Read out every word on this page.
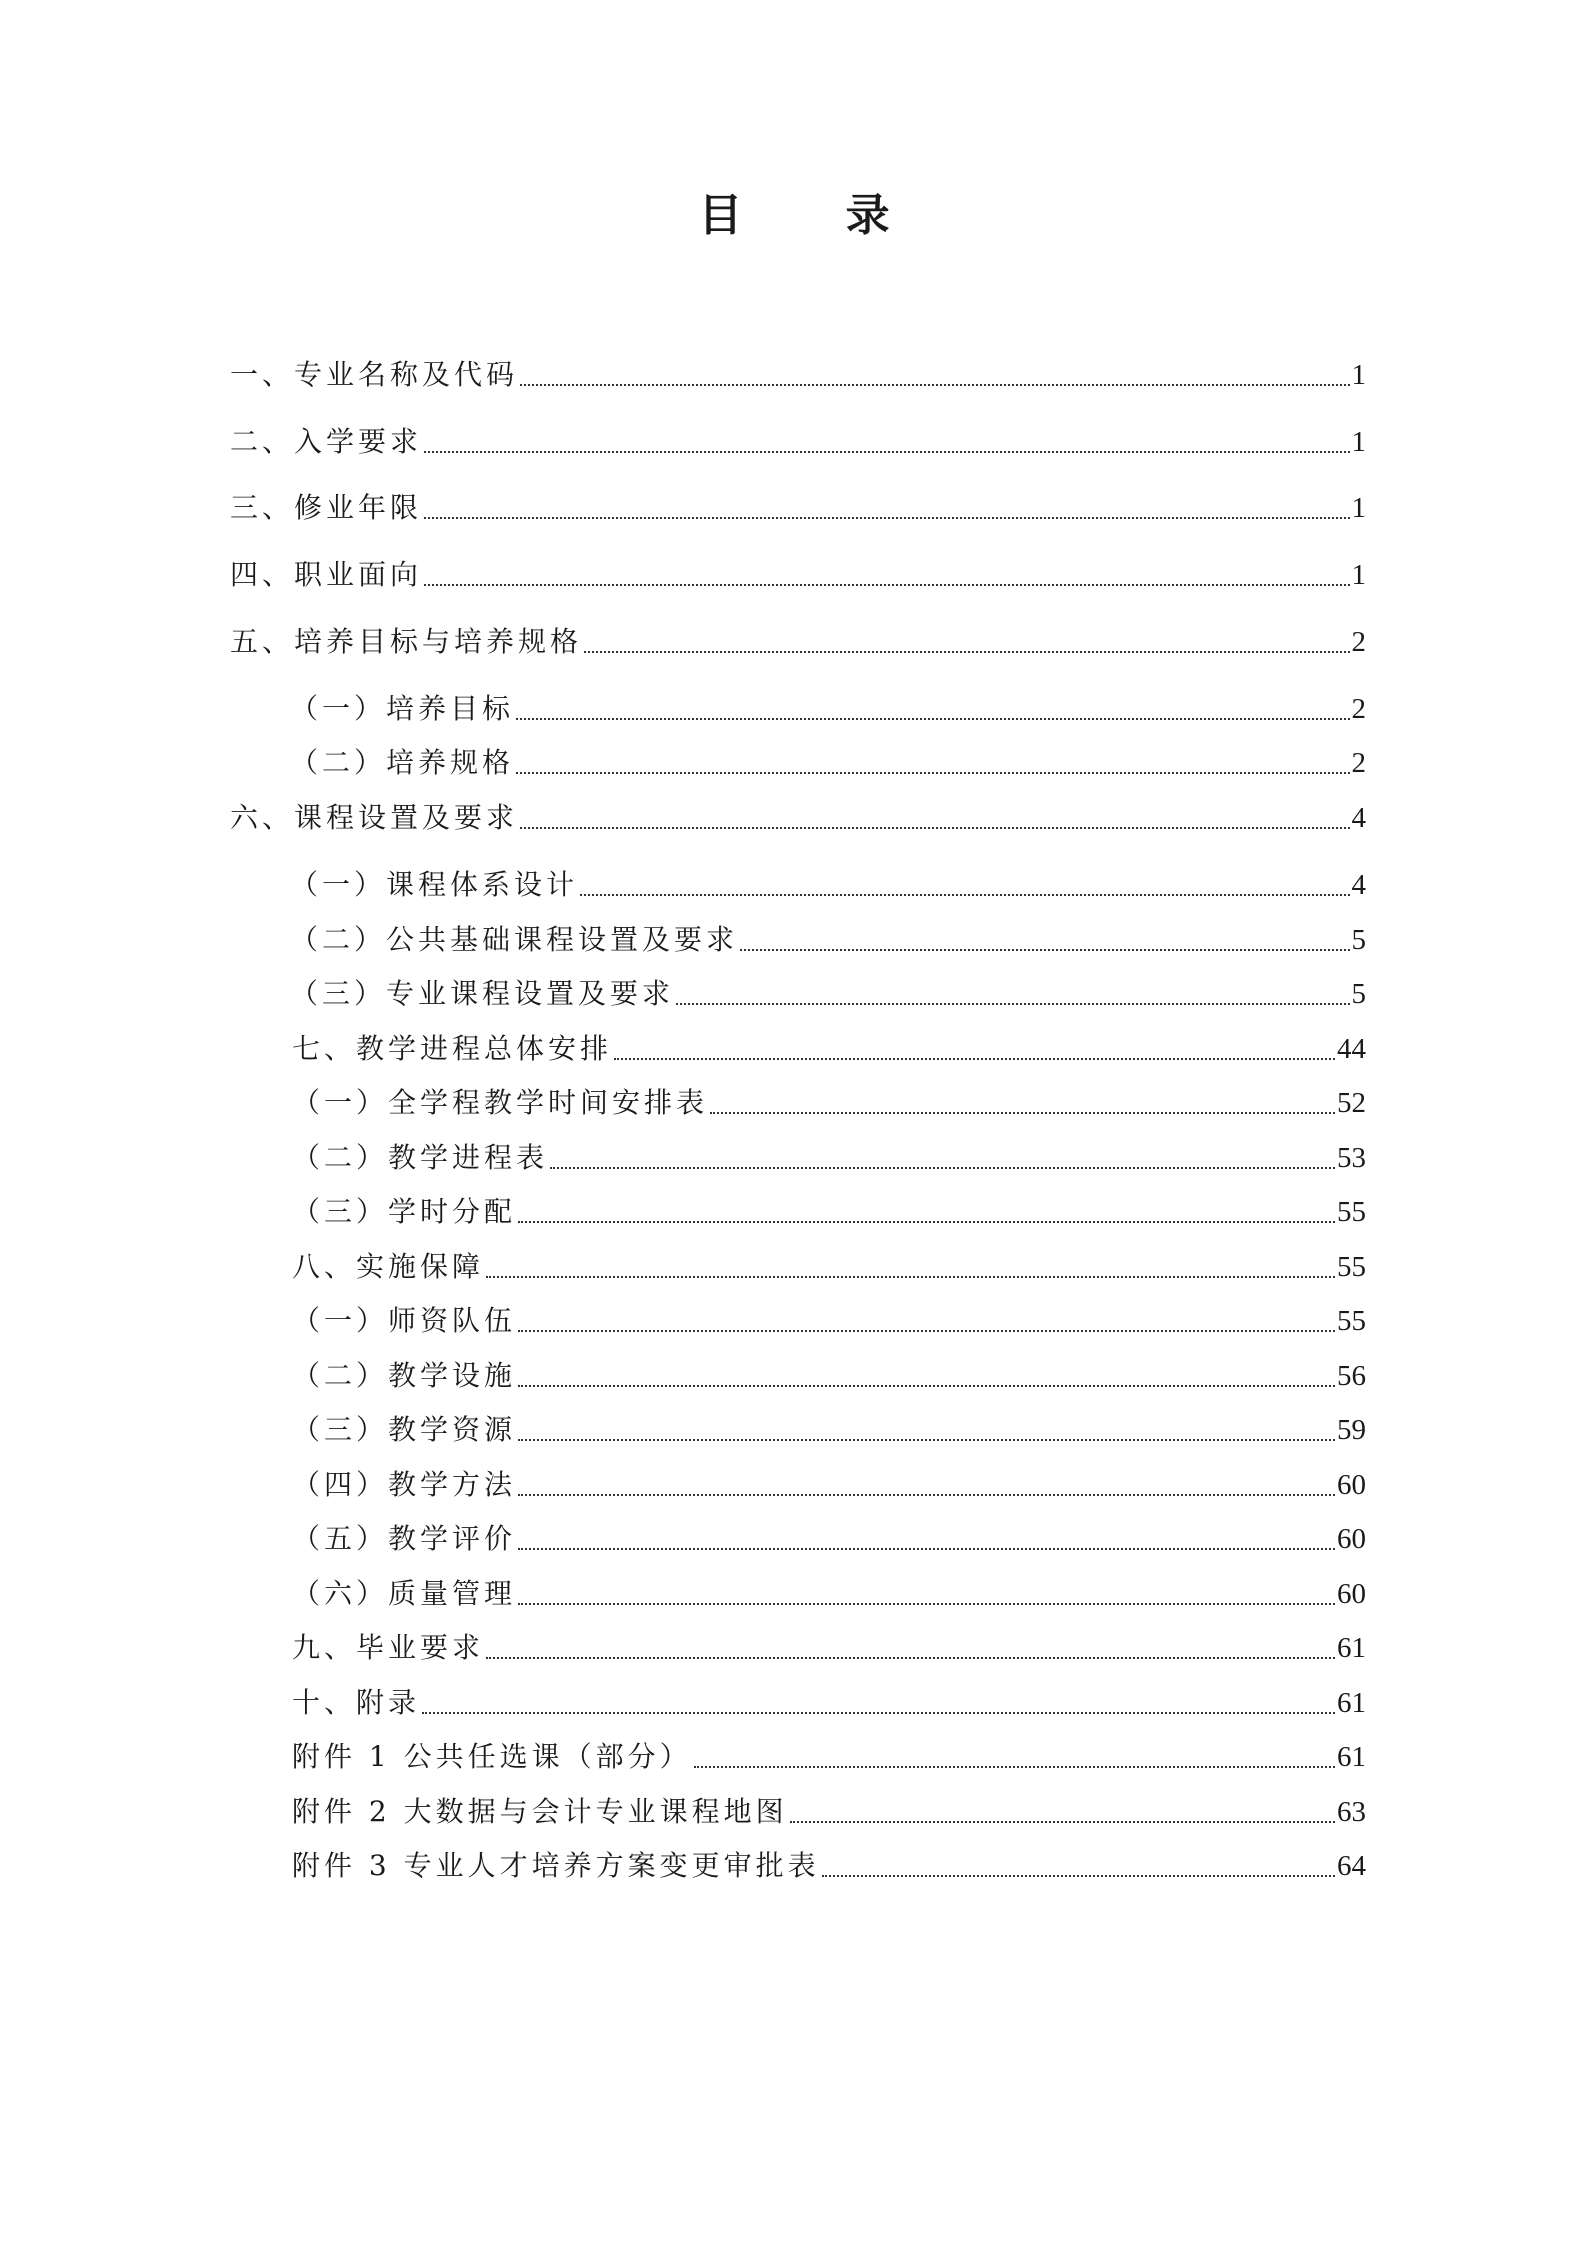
目 录
一、专业名称及代码	1
二、入学要求	1
三、修业年限	1
四、职业面向	1
五、培养目标与培养规格	2
（一）培养目标	2
（二）培养规格	2
六、课程设置及要求	4
（一）课程体系设计	4
（二）公共基础课程设置及要求	5
（三）专业课程设置及要求	5
七、教学进程总体安排	44
（一）全学程教学时间安排表	52
（二）教学进程表	53
（三）学时分配	55
八、实施保障	55
（一）师资队伍	55
（二）教学设施	56
（三）教学资源	59
（四）教学方法	60
（五）教学评价	60
（六）质量管理	60
九、毕业要求	61
十、附录	61
附件 1 公共任选课（部分）	61
附件 2 大数据与会计专业课程地图	63
附件 3 专业人才培养方案变更审批表	64
